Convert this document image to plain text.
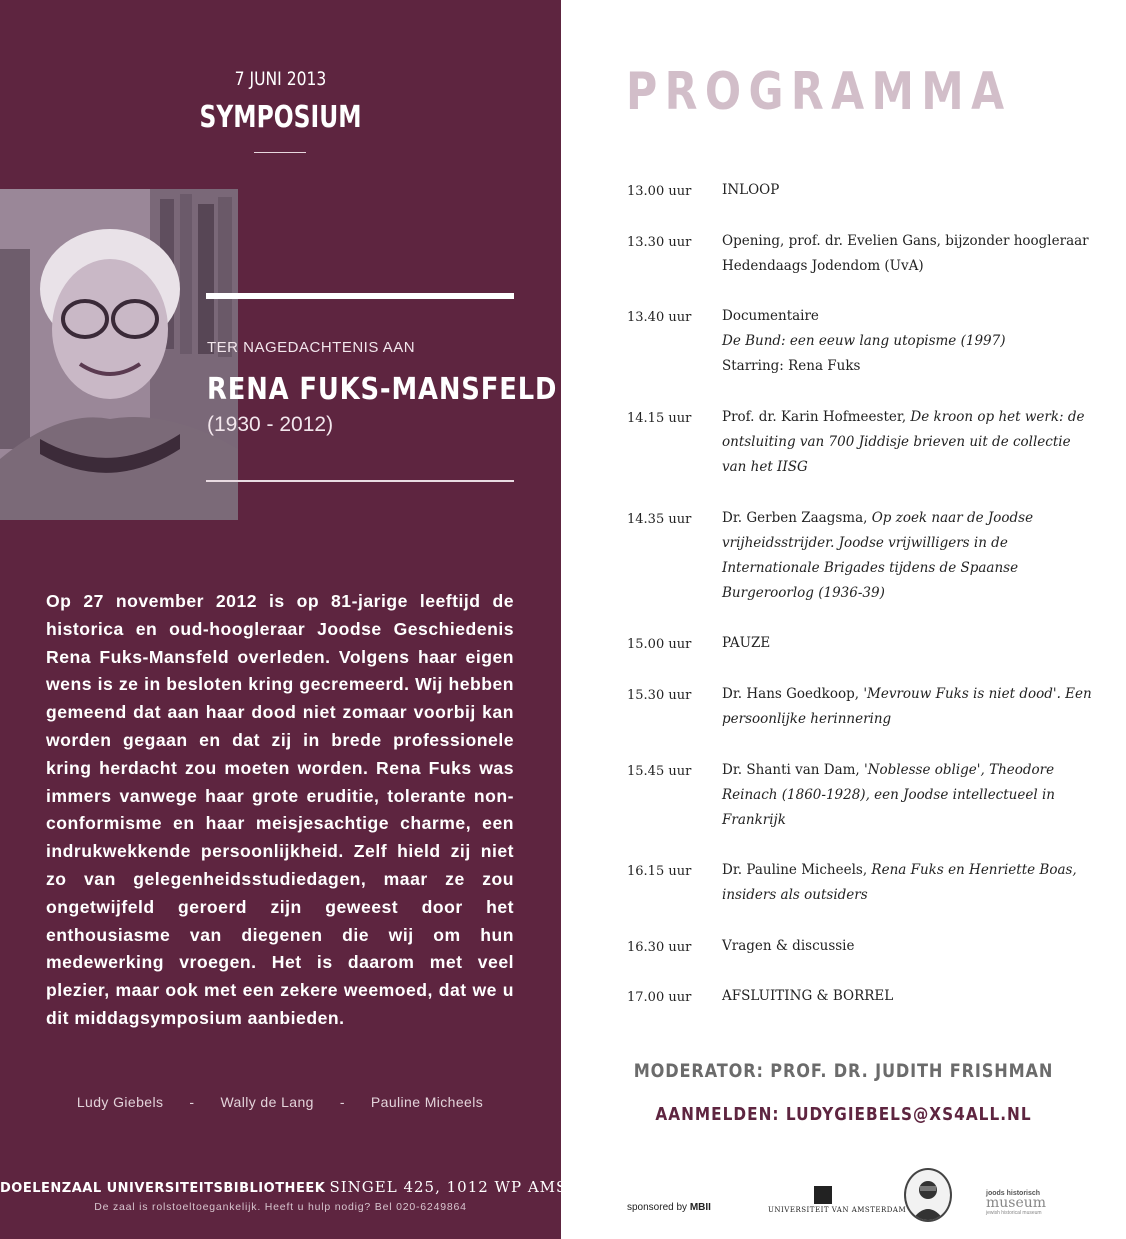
7 JUNI 2013
SYMPOSIUM
TER NAGEDACHTENIS AAN
RENA FUKS-MANSFELD
(1930 - 2012)

Op 27 november 2012 is op 81-jarige leeftijd de historica en oud-hoogleraar Joodse Geschiedenis Rena Fuks-Mansfeld overleden. Volgens haar eigen wens is ze in besloten kring gecremeerd. Wij hebben gemeend dat aan haar dood niet zomaar voorbij kan worden gegaan en dat zij in brede professionele kring herdacht zou moeten worden. Rena Fuks was immers vanwege haar grote eruditie, tolerante non-conformisme en haar meisjesachtige charme, een indrukwekkende persoonlijkheid. Zelf hield zij niet zo van gelegenheidsstudiedagen, maar ze zou ongetwijfeld geroerd zijn geweest door het enthousiasme van diegenen die wij om hun medewerking vroegen. Het is daarom met veel plezier, maar ook met een zekere weemoed, dat we u dit middagsymposium aanbieden.

Ludy Giebels - Wally de Lang - Pauline Micheels
DOELENZAAL UNIVERSITEITSBIBLIOTHEEK SINGEL 425, 1012 WP AMSTERDAM
De zaal is rolstoeltoegankelijk. Heeft u hulp nodig? Bel 020-6249864
PROGRAMMA
13.00 uur INLOOP
13.30 uur Opening, prof. dr. Evelien Gans, bijzonder hoogleraar Hedendaags Jodendom (UvA)
13.40 uur Documentaire
De Bund: een eeuw lang utopisme (1997)
Starring: Rena Fuks
14.15 uur Prof. dr. Karin Hofmeester, De kroon op het werk: de ontsluiting van 700 Jiddisje brieven uit de collectie van het IISG
14.35 uur Dr. Gerben Zaagsma, Op zoek naar de Joodse vrijheidsstrijder. Joodse vrijwilligers in de Internationale Brigades tijdens de Spaanse Burgeroorlog (1936-39)
15.00 uur PAUZE
15.30 uur Dr. Hans Goedkoop, 'Mevrouw Fuks is niet dood'. Een persoonlijke herinnering
15.45 uur Dr. Shanti van Dam, 'Noblesse oblige', Theodore Reinach (1860-1928), een Joodse intellectueel in Frankrijk
16.15 uur Dr. Pauline Micheels, Rena Fuks en Henriette Boas, insiders als outsiders
16.30 uur Vragen & discussie
17.00 uur AFSLUITING & BORREL
MODERATOR: PROF. DR. JUDITH FRISHMAN
AANMELDEN: LUDYGIEBELS@XS4ALL.NL
sponsored by MBII	UNIVERSITEIT VAN AMSTERDAM
joods historisch
museum
jewish historical museum
